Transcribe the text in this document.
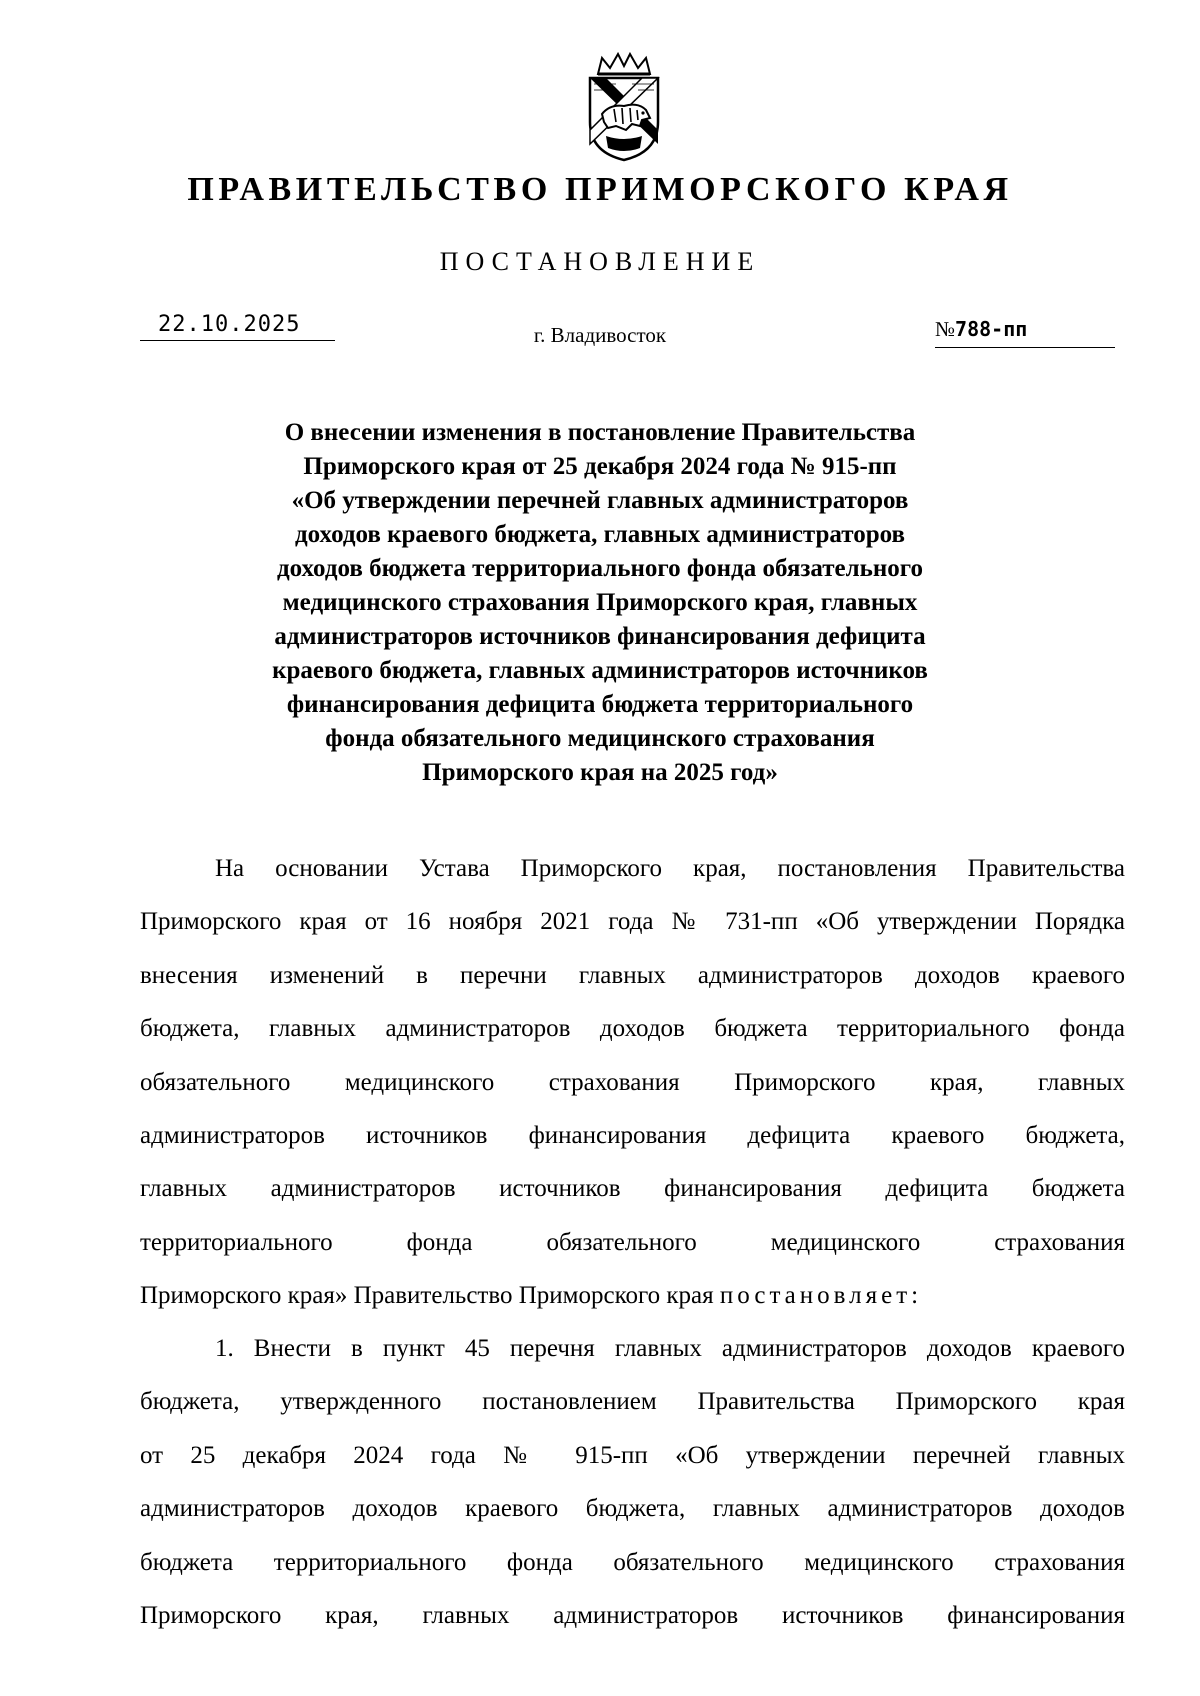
ПРАВИТЕЛЬСТВО ПРИМОРСКОГО КРАЯ
ПОСТАНОВЛЕНИЕ
22.10.2025	г. Владивосток	№788-пп
О внесении изменения в постановление Правительства
Приморского края от 25 декабря 2024 года № 915-пп
«Об утверждении перечней главных администраторов
доходов краевого бюджета, главных администраторов
доходов бюджета территориального фонда обязательного
медицинского страхования Приморского края, главных
администраторов источников финансирования дефицита
краевого бюджета, главных администраторов источников
финансирования дефицита бюджета территориального
фонда обязательного медицинского страхования
Приморского края на 2025 год»
На основании Устава Приморского края, постановления Правительства
Приморского края от 16 ноября 2021 года № 731-пп «Об утверждении Порядка
внесения изменений в перечни главных администраторов доходов краевого
бюджета, главных администраторов доходов бюджета территориального фонда
обязательного медицинского страхования Приморского края, главных
администраторов источников финансирования дефицита краевого бюджета,
главных администраторов источников финансирования дефицита бюджета
территориального фонда обязательного медицинского страхования
Приморского края» Правительство Приморского края постановляет:
1. Внести в пункт 45 перечня главных администраторов доходов краевого
бюджета, утвержденного постановлением Правительства Приморского края
от 25 декабря 2024 года № 915-пп «Об утверждении перечней главных
администраторов доходов краевого бюджета, главных администраторов доходов
бюджета территориального фонда обязательного медицинского страхования
Приморского края, главных администраторов источников финансирования
